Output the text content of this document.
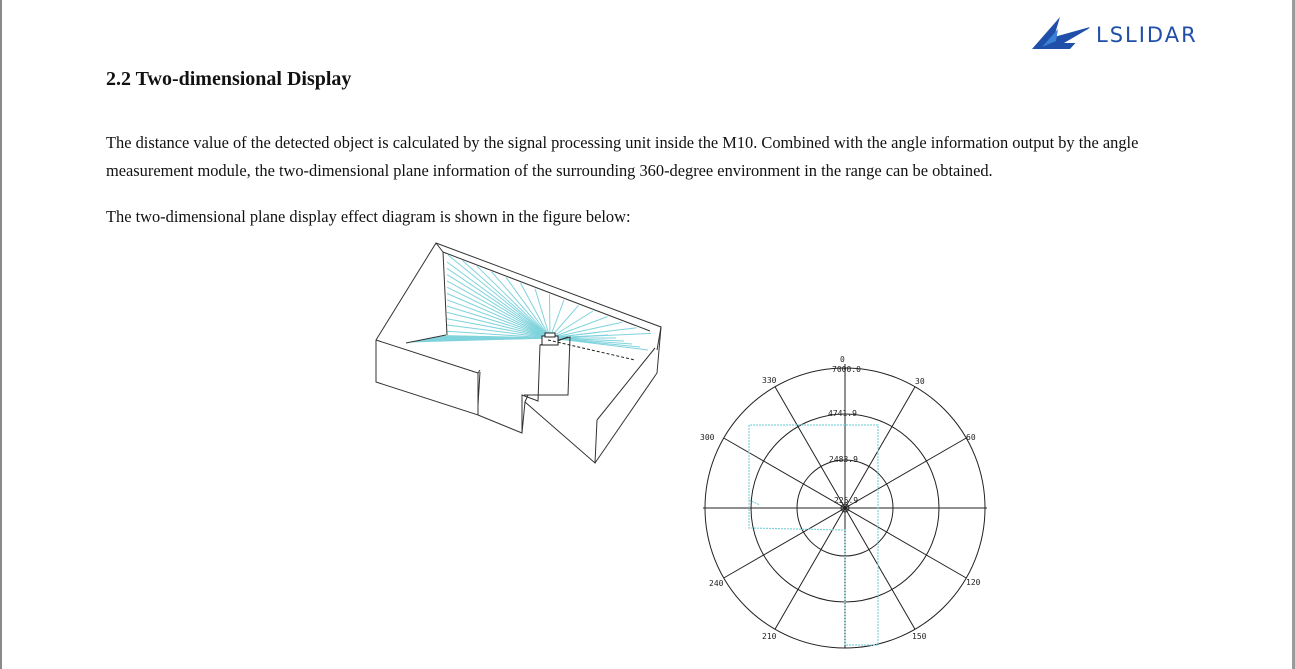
LSLIDAR
2.2 Two-dimensional Display

The distance value of the detected object is calculated by the signal processing unit inside the M10. Combined with the angle information output by the angle measurement module, the two-dimensional plane information of the surrounding 360-degree environment in the range can be obtained.

The two-dimensional plane display effect diagram is shown in the figure below:

0
30
60
120
150
210
240
300
330
7000.0
4741.9
2483.9
225.9
